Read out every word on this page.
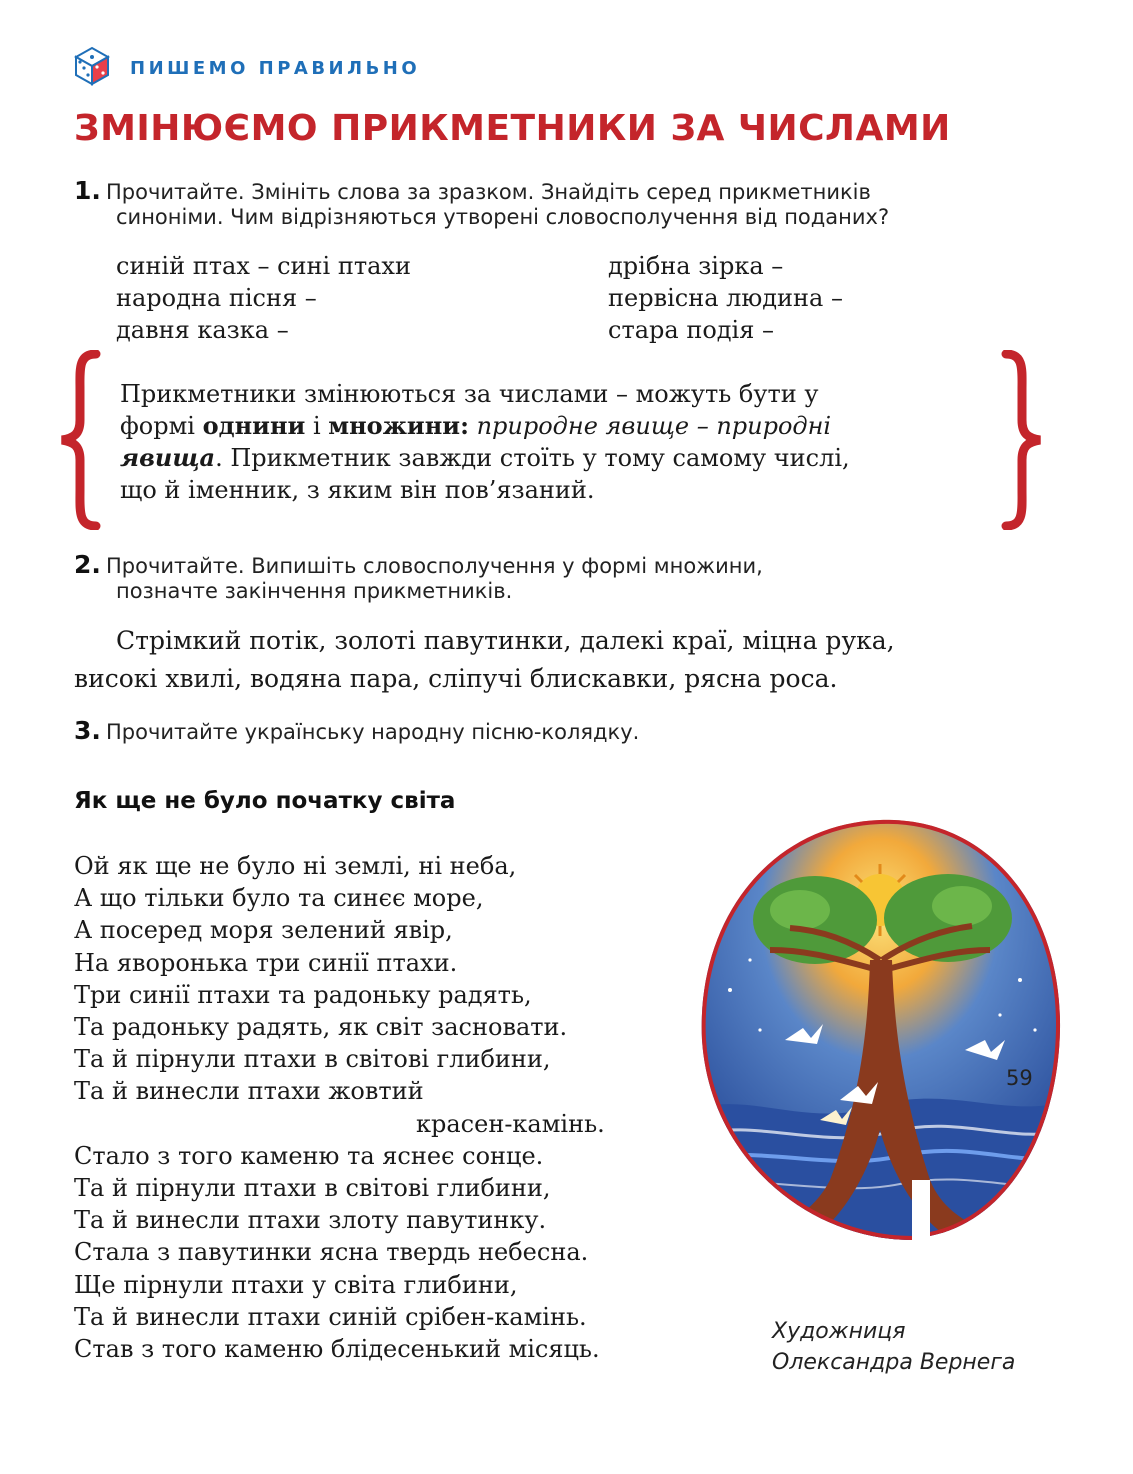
ПИШЕМО ПРАВИЛЬНО
ЗМІНЮЄМО ПРИКМЕТНИКИ ЗА ЧИСЛАМИ
1. Прочитайте. Змініть слова за зразком. Знайдіть серед прикметників
синоніми. Чим відрізняються утворені словосполучення від поданих?
синій птах – сині птахи
народна пісня –
давня казка –
дрібна зірка –
первісна людина –
стара подія –
Прикметники змінюються за числами – можуть бути у
формі однини і множини: природне явище – природні
явища. Прикметник завжди стоїть у тому самому числі,
що й іменник, з яким він пов’язаний.
2. Прочитайте. Випишіть словосполучення у формі множини,
позначте закінчення прикметників.
Стрімкий потік, золоті павутинки, далекі краї, міцна рука,
високі хвилі, водяна пара, сліпучі блискавки, рясна роса.
3. Прочитайте українську народну пісню-колядку.
Як ще не було початку світа
Ой як ще не було ні землі, ні неба,
А що тільки було та синєє море,
А посеред моря зелений явір,
На яворонька три синії птахи.
Три синії птахи та радоньку радять,
Та радоньку радять, як світ засновати.
Та й пірнули птахи в світові глибини,
Та й винесли птахи жовтий
красен-камінь.
Стало з того каменю та яснеє сонце.
Та й пірнули птахи в світові глибини,
Та й винесли птахи злоту павутинку.
Стала з павутинки ясна твердь небесна.
Ще пірнули птахи у світа глибини,
Та й винесли птахи синій срібен-камінь.
Став з того каменю блідесенький місяць.
Художниця
Олександра Вернега
59
